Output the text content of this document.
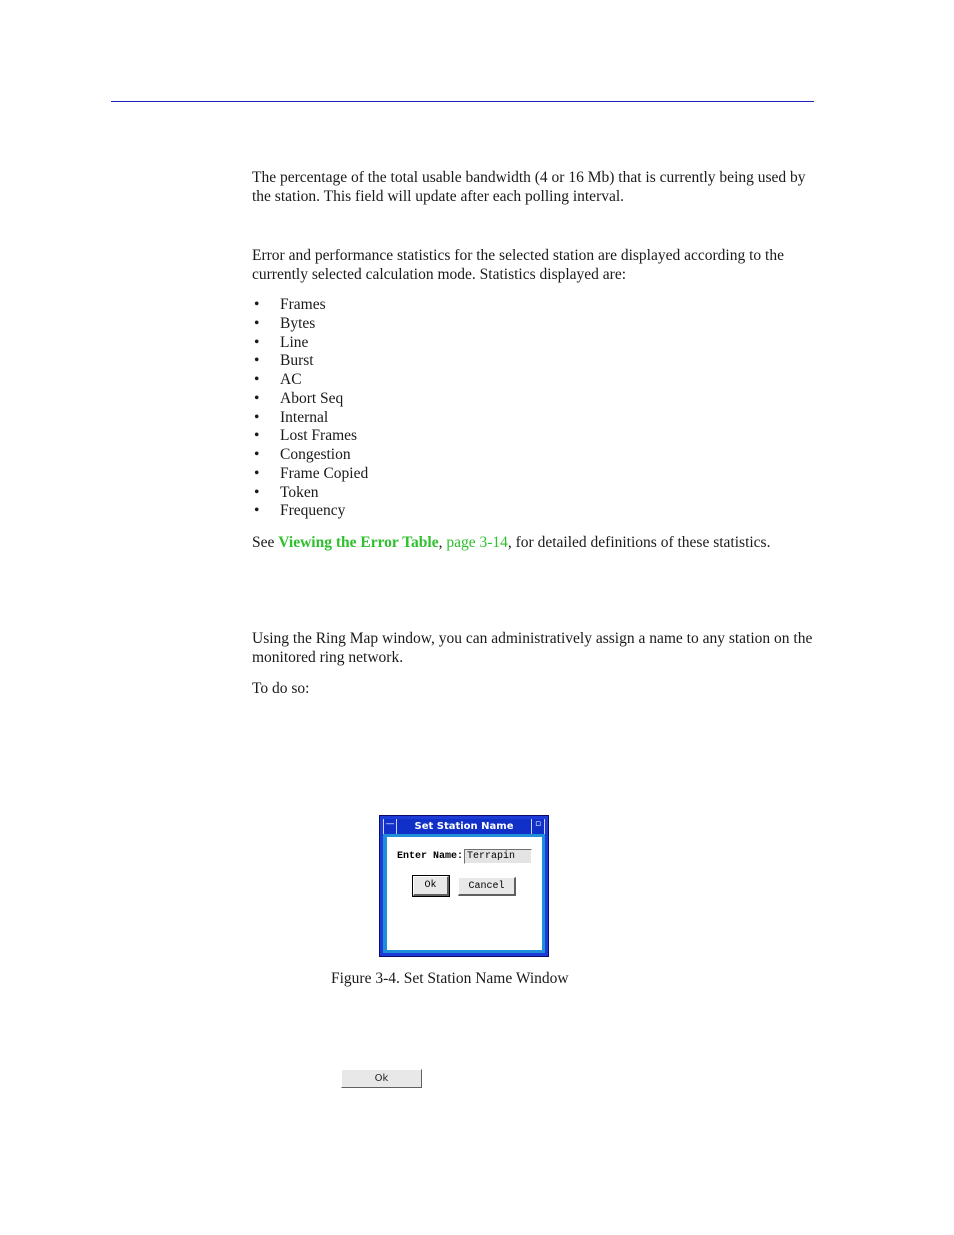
The percentage of the total usable bandwidth (4 or 16 Mb) that is currently being used by the station. This field will update after each polling interval.

Error and performance statistics for the selected station are displayed according to the currently selected calculation mode. Statistics displayed are:

• Frames
• Bytes
• Line
• Burst
• AC
• Abort Seq
• Internal
• Lost Frames
• Congestion
• Frame Copied
• Token
• Frequency

See Viewing the Error Table, page 3-14, for detailed definitions of these statistics.

Using the Ring Map window, you can administratively assign a name to any station on the monitored ring network.

To do so:

Set Station Name
—	▫
Enter Name: Terrapin
Ok	Cancel

Figure 3-4. Set Station Name Window

Ok
